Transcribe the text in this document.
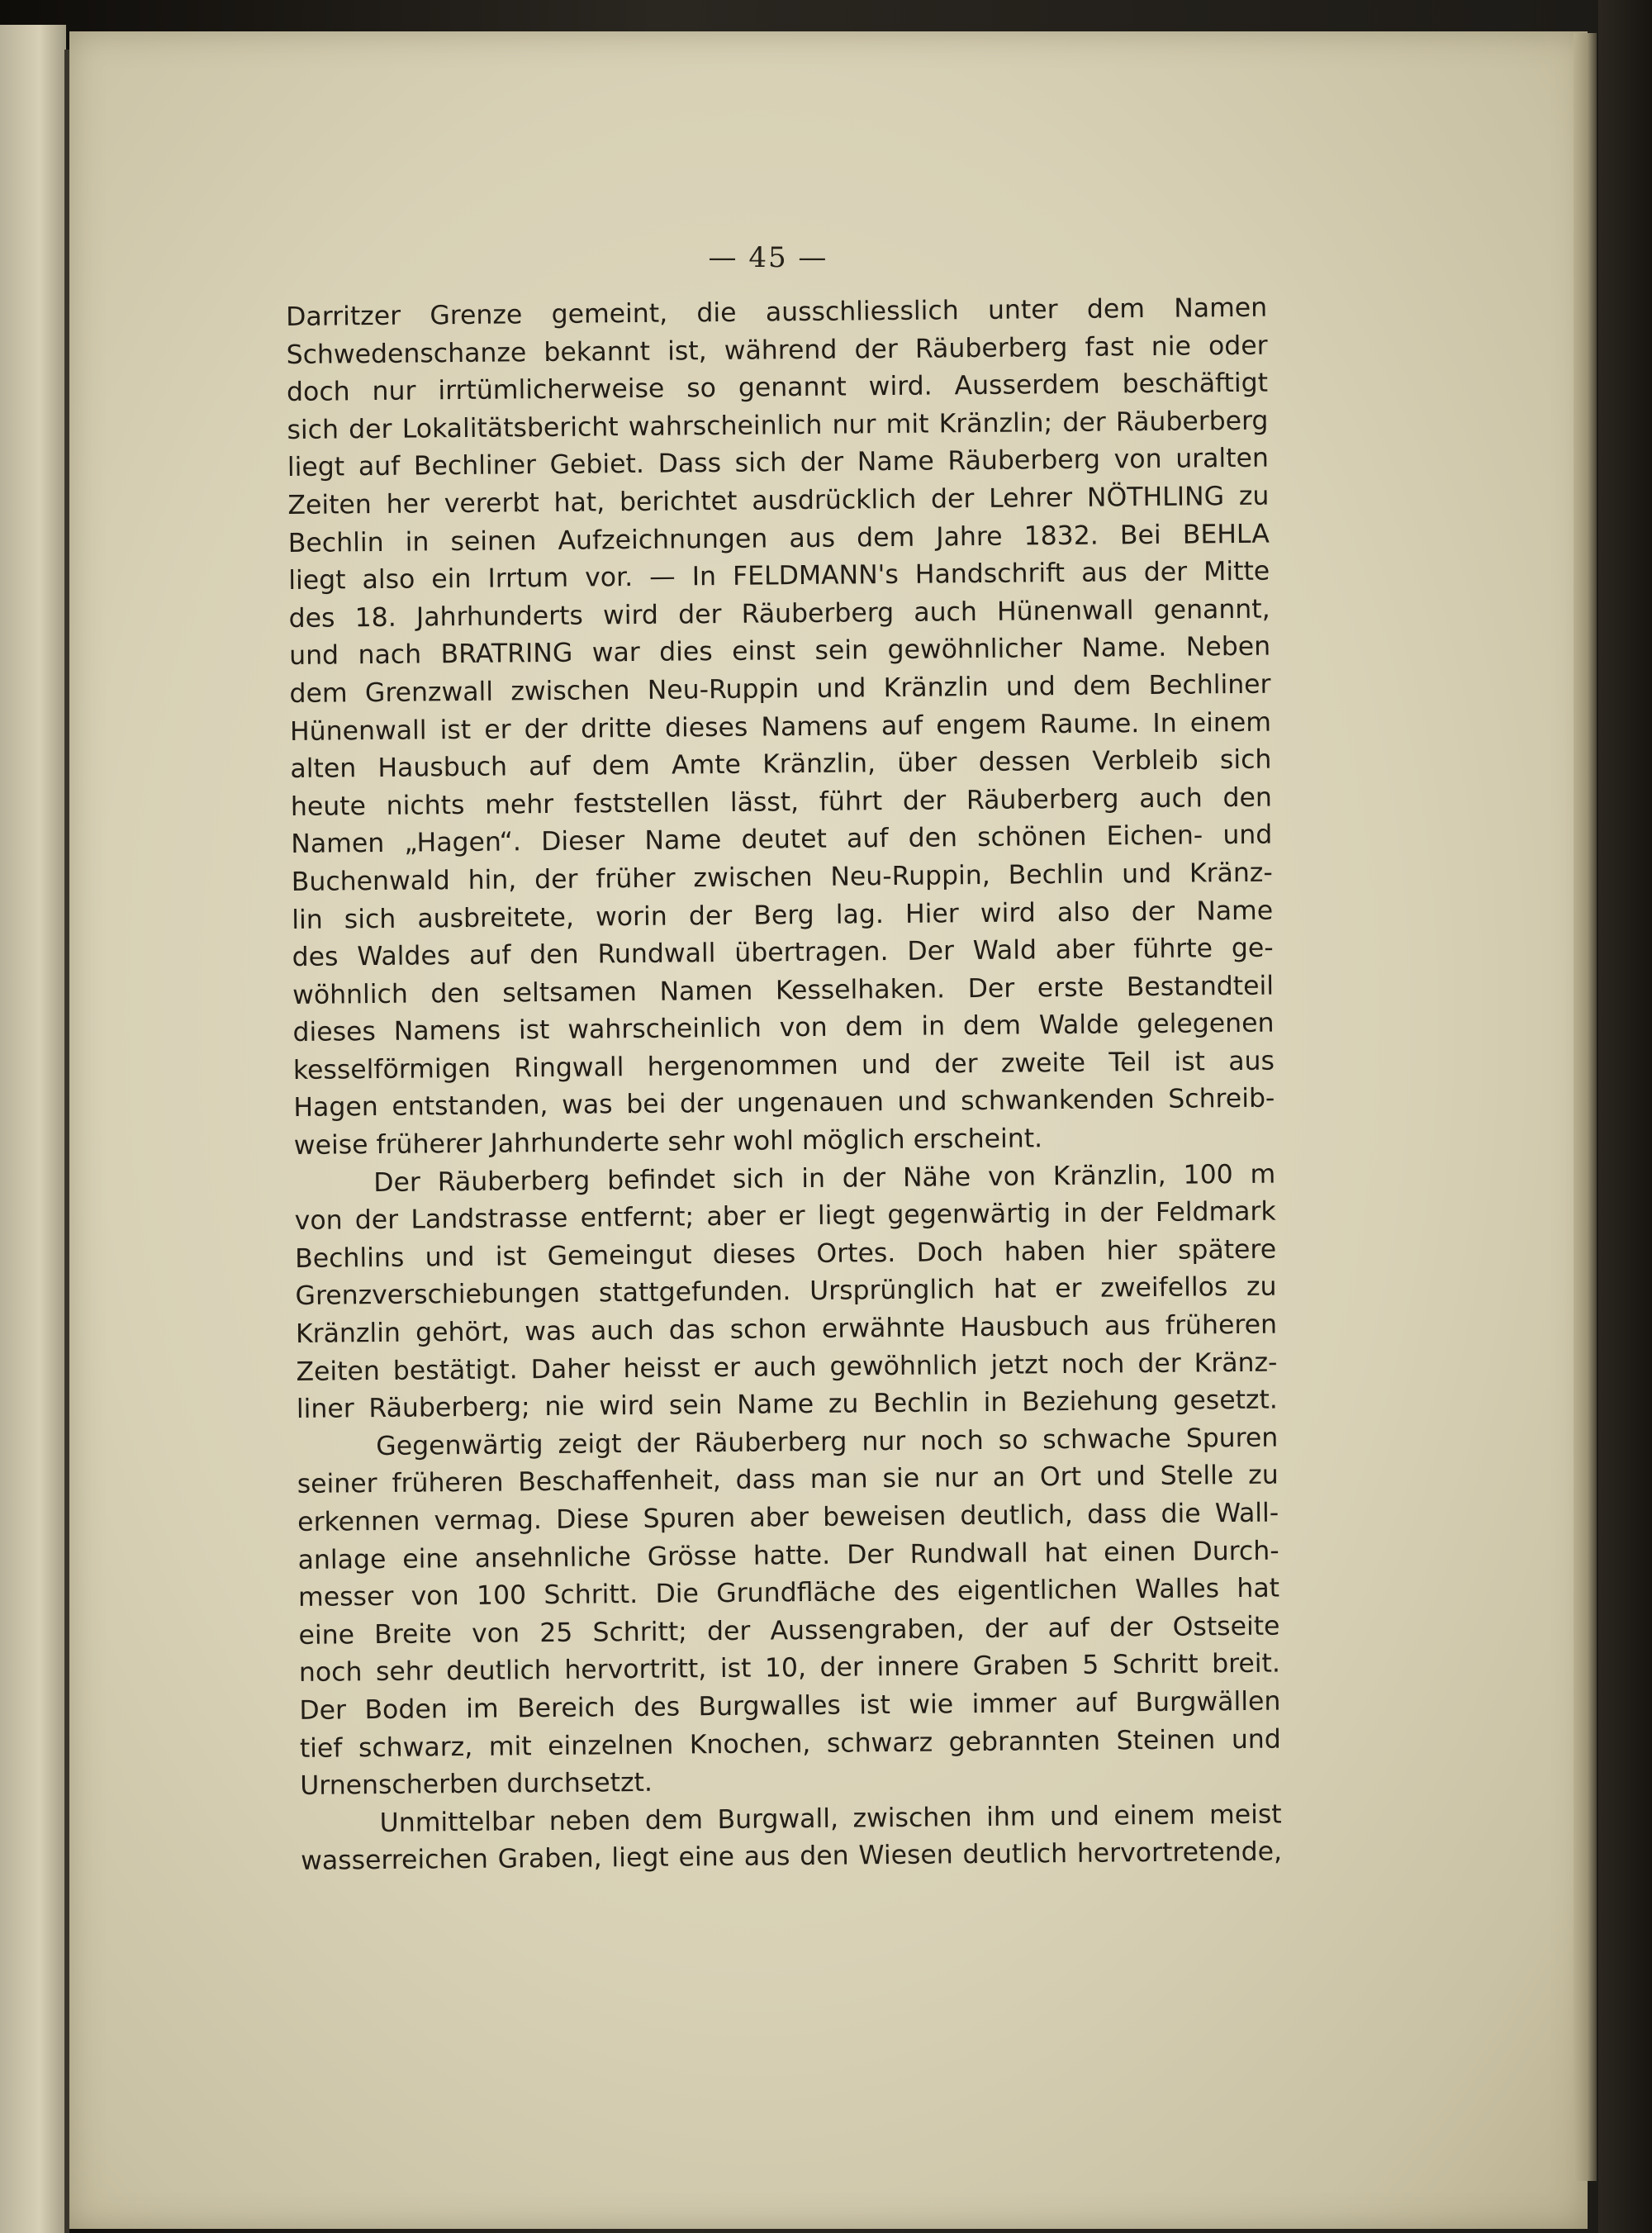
— 45 —
Darritzer Grenze gemeint, die ausschliesslich unter dem Namen
Schwedenschanze bekannt ist, während der Räuberberg fast nie oder
doch nur irrtümlicherweise so genannt wird. Ausserdem beschäftigt
sich der Lokalitätsbericht wahrscheinlich nur mit Kränzlin; der Räuberberg
liegt auf Bechliner Gebiet. Dass sich der Name Räuberberg von uralten
Zeiten her vererbt hat, berichtet ausdrücklich der Lehrer NÖTHLING zu
Bechlin in seinen Aufzeichnungen aus dem Jahre 1832. Bei BEHLA
liegt also ein Irrtum vor. — In FELDMANN's Handschrift aus der Mitte
des 18. Jahrhunderts wird der Räuberberg auch Hünenwall genannt,
und nach BRATRING war dies einst sein gewöhnlicher Name. Neben
dem Grenzwall zwischen Neu-Ruppin und Kränzlin und dem Bechliner
Hünenwall ist er der dritte dieses Namens auf engem Raume. In einem
alten Hausbuch auf dem Amte Kränzlin, über dessen Verbleib sich
heute nichts mehr feststellen lässt, führt der Räuberberg auch den
Namen „Hagen“. Dieser Name deutet auf den schönen Eichen- und
Buchenwald hin, der früher zwischen Neu-Ruppin, Bechlin und Kränz-
lin sich ausbreitete, worin der Berg lag. Hier wird also der Name
des Waldes auf den Rundwall übertragen. Der Wald aber führte ge-
wöhnlich den seltsamen Namen Kesselhaken. Der erste Bestandteil
dieses Namens ist wahrscheinlich von dem in dem Walde gelegenen
kesselförmigen Ringwall hergenommen und der zweite Teil ist aus
Hagen entstanden, was bei der ungenauen und schwankenden Schreib-
weise früherer Jahrhunderte sehr wohl möglich erscheint.
Der Räuberberg befindet sich in der Nähe von Kränzlin, 100 m
von der Landstrasse entfernt; aber er liegt gegenwärtig in der Feldmark
Bechlins und ist Gemeingut dieses Ortes. Doch haben hier spätere
Grenzverschiebungen stattgefunden. Ursprünglich hat er zweifellos zu
Kränzlin gehört, was auch das schon erwähnte Hausbuch aus früheren
Zeiten bestätigt. Daher heisst er auch gewöhnlich jetzt noch der Kränz-
liner Räuberberg; nie wird sein Name zu Bechlin in Beziehung gesetzt.
Gegenwärtig zeigt der Räuberberg nur noch so schwache Spuren
seiner früheren Beschaffenheit, dass man sie nur an Ort und Stelle zu
erkennen vermag. Diese Spuren aber beweisen deutlich, dass die Wall-
anlage eine ansehnliche Grösse hatte. Der Rundwall hat einen Durch-
messer von 100 Schritt. Die Grundfläche des eigentlichen Walles hat
eine Breite von 25 Schritt; der Aussengraben, der auf der Ostseite
noch sehr deutlich hervortritt, ist 10, der innere Graben 5 Schritt breit.
Der Boden im Bereich des Burgwalles ist wie immer auf Burgwällen
tief schwarz, mit einzelnen Knochen, schwarz gebrannten Steinen und
Urnenscherben durchsetzt.
Unmittelbar neben dem Burgwall, zwischen ihm und einem meist
wasserreichen Graben, liegt eine aus den Wiesen deutlich hervortretende,
